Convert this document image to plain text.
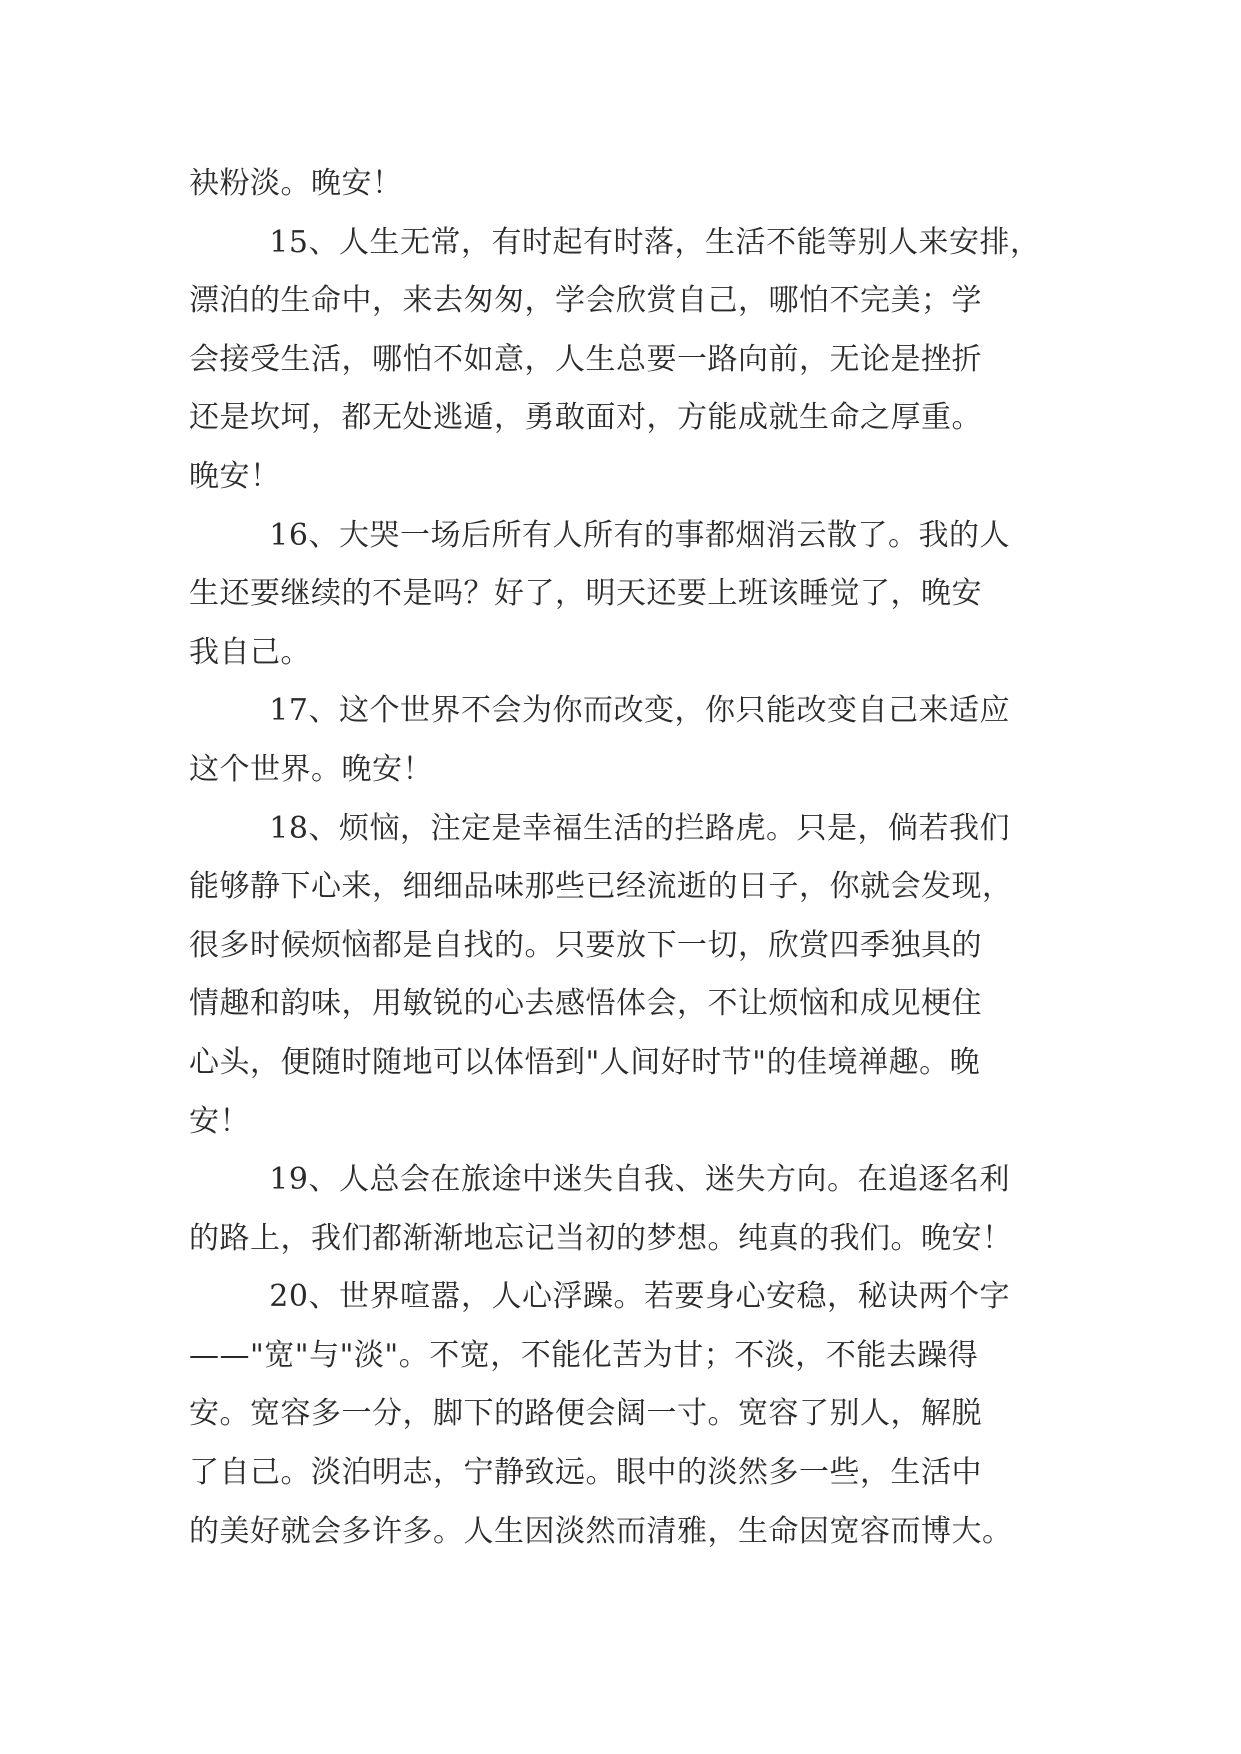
袂粉淡。晚安！

15、人生无常，有时起有时落，生活不能等别人来安排，
漂泊的生命中，来去匆匆，学会欣赏自己，哪怕不完美；学
会接受生活，哪怕不如意，人生总要一路向前，无论是挫折
还是坎坷，都无处逃遁，勇敢面对，方能成就生命之厚重。
晚安！

16、大哭一场后所有人所有的事都烟消云散了。我的人
生还要继续的不是吗？好了，明天还要上班该睡觉了，晚安
我自己。

17、这个世界不会为你而改变，你只能改变自己来适应
这个世界。晚安！

18、烦恼，注定是幸福生活的拦路虎。只是，倘若我们
能够静下心来，细细品味那些已经流逝的日子，你就会发现，
很多时候烦恼都是自找的。只要放下一切，欣赏四季独具的
情趣和韵味，用敏锐的心去感悟体会，不让烦恼和成见梗住
心头，便随时随地可以体悟到"人间好时节"的佳境禅趣。晚
安！

19、人总会在旅途中迷失自我、迷失方向。在追逐名利
的路上，我们都渐渐地忘记当初的梦想。纯真的我们。晚安！

20、世界喧嚣，人心浮躁。若要身心安稳，秘诀两个字
——"宽"与"淡"。不宽，不能化苦为甘；不淡，不能去躁得
安。宽容多一分，脚下的路便会阔一寸。宽容了别人，解脱
了自己。淡泊明志，宁静致远。眼中的淡然多一些，生活中
的美好就会多许多。人生因淡然而清雅，生命因宽容而博大。
